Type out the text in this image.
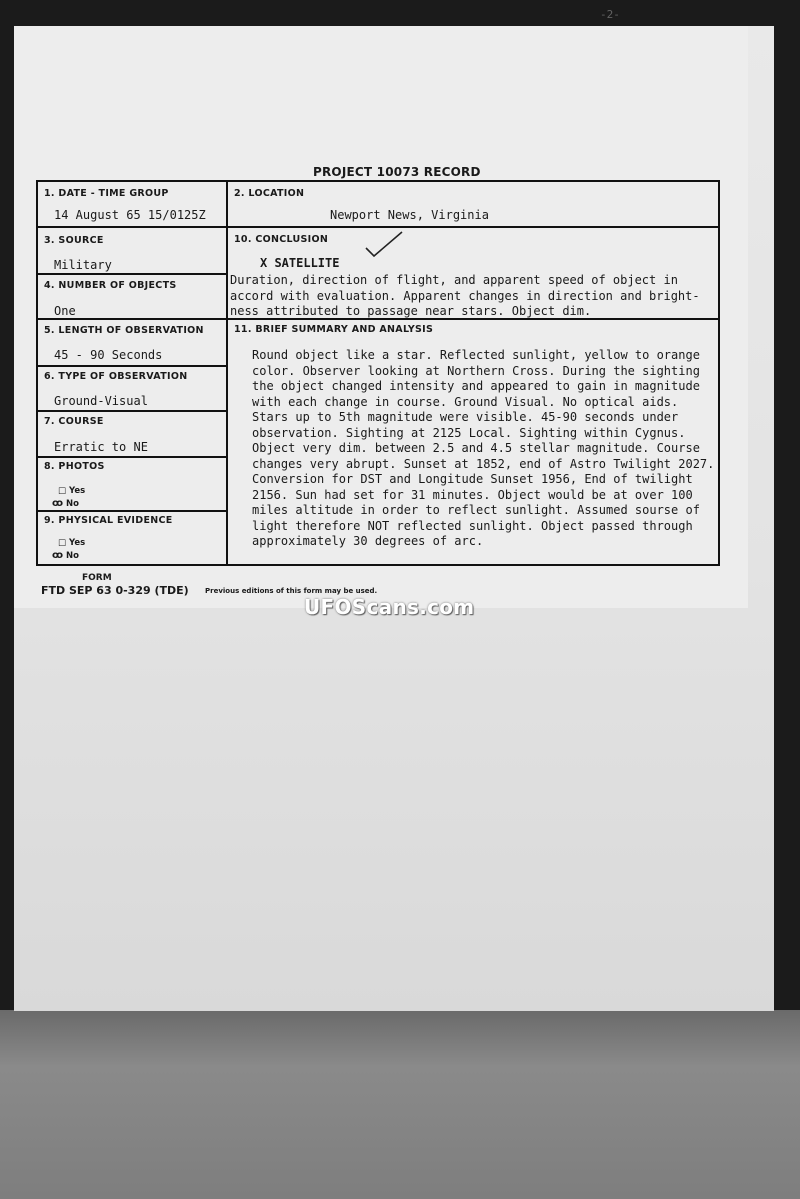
‑2‑
PROJECT 10073 RECORD
1. DATE - TIME GROUP
14 August 65 15/0125Z
2. LOCATION
Newport News, Virginia
3. SOURCE
Military
4. NUMBER OF OBJECTS
One
5. LENGTH OF OBSERVATION
45 - 90 Seconds
6. TYPE OF OBSERVATION
Ground-Visual
7. COURSE
Erratic to NE
8. PHOTOS
□ Yes
ꝏ No
9. PHYSICAL EVIDENCE
□ Yes
ꝏ No
10. CONCLUSION
X SATELLITE
Duration, direction of flight, and apparent speed of object in accord with evaluation. Apparent changes in direction and bright-ness attributed to passage near stars. Object dim.
11. BRIEF SUMMARY AND ANALYSIS
Round object like a star. Reflected sunlight, yellow to orange color. Observer looking at Northern Cross. During the sighting the object changed intensity and appeared to gain in magnitude with each change in course. Ground Visual. No optical aids. Stars up to 5th magnitude were visible. 45-90 seconds under observation. Sighting at 2125 Local. Sighting within Cygnus. Object very dim. between 2.5 and 4.5 stellar magnitude. Course changes very abrupt. Sunset at 1852, end of Astro Twilight 2027. Conversion for DST and Longitude Sunset 1956, End of twilight 2156. Sun had set for 31 minutes. Object would be at over 100 miles altitude in order to reflect sunlight. Assumed sourse of light therefore NOT reflected sunlight. Object passed through approximately 30 degrees of arc.
FORM
FTD SEP 63 0-329 (TDE) Previous editions of this form may be used.
UFOScans.com
